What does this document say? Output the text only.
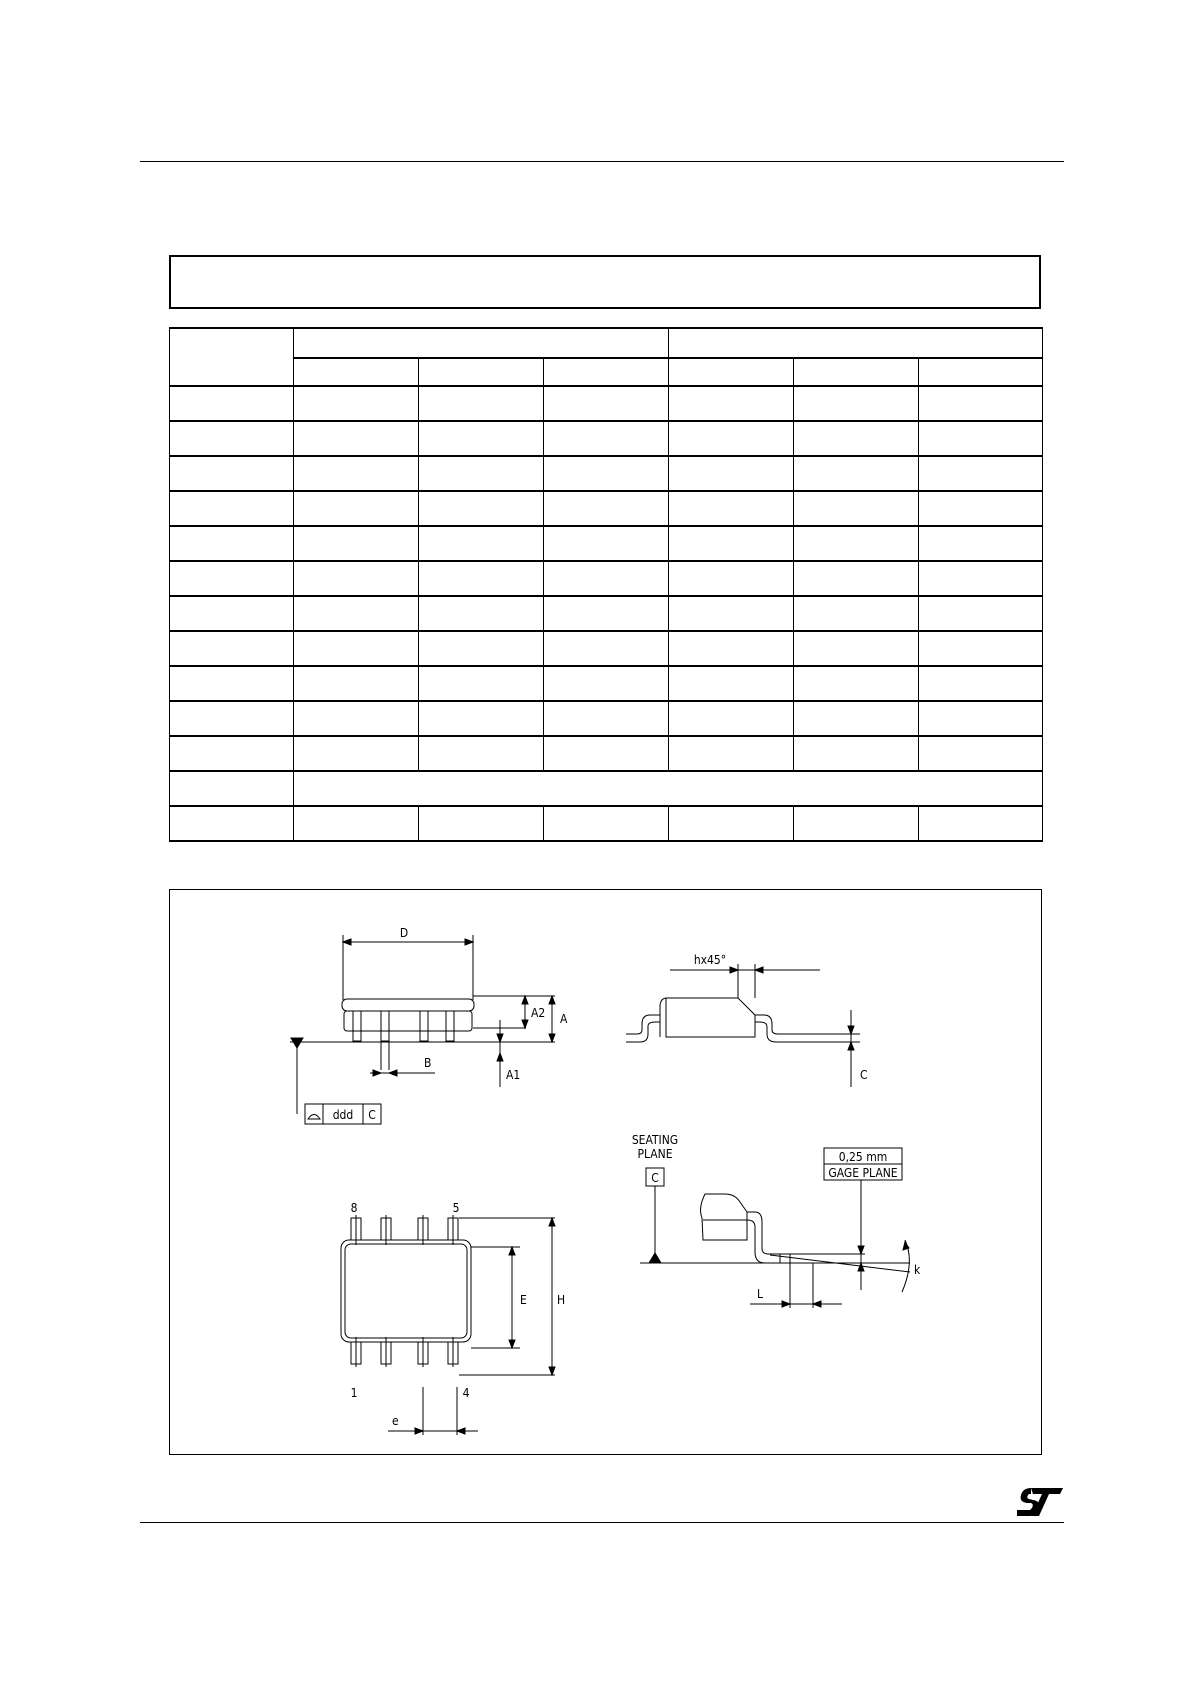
D
A2 A
A1
B
ddd C
hx45°
C
8	5
1	4
E	H
e
SEATING
PLANE
C
0,25 mm
GAGE PLANE
L
k
